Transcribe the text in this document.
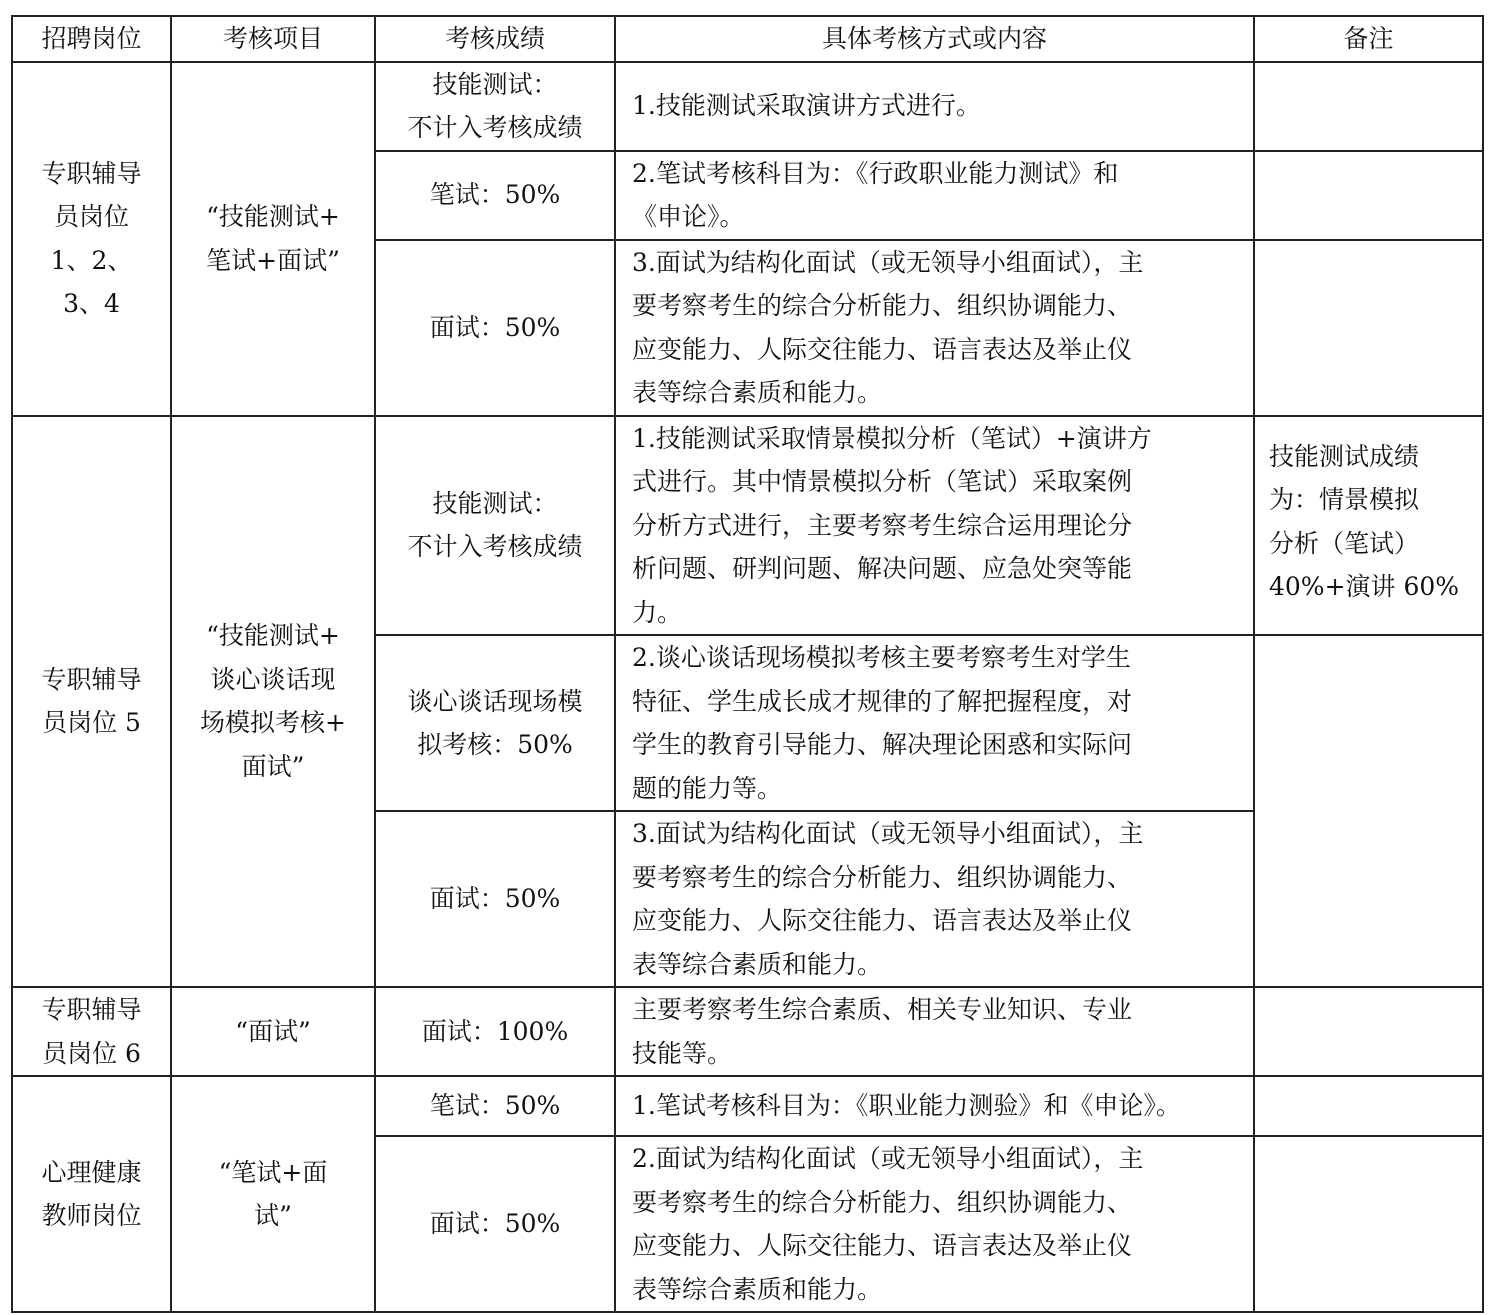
招聘岗位	考核项目	考核成绩	具体考核方式或内容	备注

专职辅导
员岗位
1、2、
3、4	“技能测试+
笔试+面试”	技能测试：
不计入考核成绩	1.技能测试采取演讲方式进行。	

		笔试：50%	2.笔试考核科目为：《行政职业能力测试》和
《申论》。	

		面试：50%	3.面试为结构化面试（或无领导小组面试），主
要考察考生的综合分析能力、组织协调能力、
应变能力、人际交往能力、语言表达及举止仪
表等综合素质和能力。	

专职辅导
员岗位 5	“技能测试+
谈心谈话现
场模拟考核+
面试”	技能测试：
不计入考核成绩	1.技能测试采取情景模拟分析（笔试）+演讲方
式进行。其中情景模拟分析（笔试）采取案例
分析方式进行，主要考察考生综合运用理论分
析问题、研判问题、解决问题、应急处突等能
力。	技能测试成绩
为：情景模拟
分析（笔试）
40%+演讲 60%

		谈心谈话现场模
拟考核：50%	2.谈心谈话现场模拟考核主要考察考生对学生
特征、学生成长成才规律的了解把握程度，对
学生的教育引导能力、解决理论困惑和实际问
题的能力等。	

		面试：50%	3.面试为结构化面试（或无领导小组面试），主
要考察考生的综合分析能力、组织协调能力、
应变能力、人际交往能力、语言表达及举止仪
表等综合素质和能力。	

专职辅导
员岗位 6	“面试”	面试：100%	主要考察考生综合素质、相关专业知识、专业
技能等。	

心理健康
教师岗位	“笔试+面
试”	笔试：50%	1.笔试考核科目为：《职业能力测验》和《申论》。	

		面试：50%	2.面试为结构化面试（或无领导小组面试），主
要考察考生的综合分析能力、组织协调能力、
应变能力、人际交往能力、语言表达及举止仪
表等综合素质和能力。	
